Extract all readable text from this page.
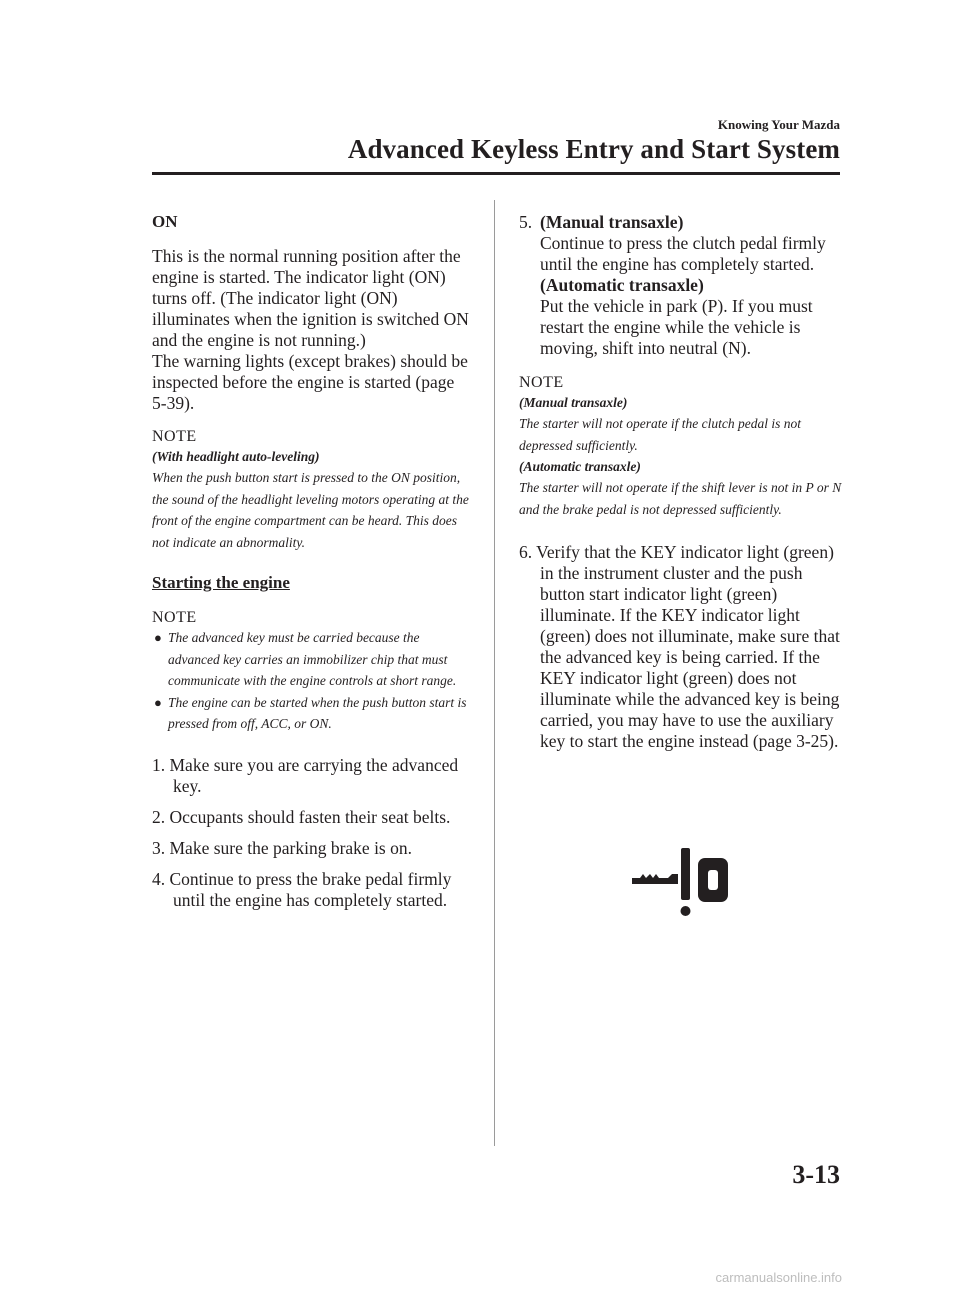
Knowing Your Mazda
Advanced Keyless Entry and Start System

ON

This is the normal running position after the engine is started. The indicator light (ON) turns off. (The indicator light (ON) illuminates when the ignition is switched ON and the engine is not running.)

The warning lights (except brakes) should be inspected before the engine is started (page 5-39).

NOTE

(With headlight auto-leveling)

When the push button start is pressed to the ON position, the sound of the headlight leveling motors operating at the front of the engine compartment can be heard. This does not indicate an abnormality.

Starting the engine

NOTE

● The advanced key must be carried because the advanced key carries an immobilizer chip that must communicate with the engine controls at short range.

● The engine can be started when the push button start is pressed from off, ACC, or ON.

1. Make sure you are carrying the advanced key.

2. Occupants should fasten their seat belts.

3. Make sure the parking brake is on.

4. Continue to press the brake pedal firmly until the engine has completely started.

5. (Manual transaxle)

Continue to press the clutch pedal firmly until the engine has completely started.

(Automatic transaxle)

Put the vehicle in park (P). If you must restart the engine while the vehicle is moving, shift into neutral (N).

NOTE

(Manual transaxle)

The starter will not operate if the clutch pedal is not depressed sufficiently.

(Automatic transaxle)

The starter will not operate if the shift lever is not in P or N and the brake pedal is not depressed sufficiently.

6. Verify that the KEY indicator light (green) in the instrument cluster and the push button start indicator light (green) illuminate. If the KEY indicator light (green) does not illuminate, make sure that the advanced key is being carried. If the KEY indicator light (green) does not illuminate while the advanced key is being carried, you may have to use the auxiliary key to start the engine instead (page 3-25).

3-13
carmanualsonline.info
